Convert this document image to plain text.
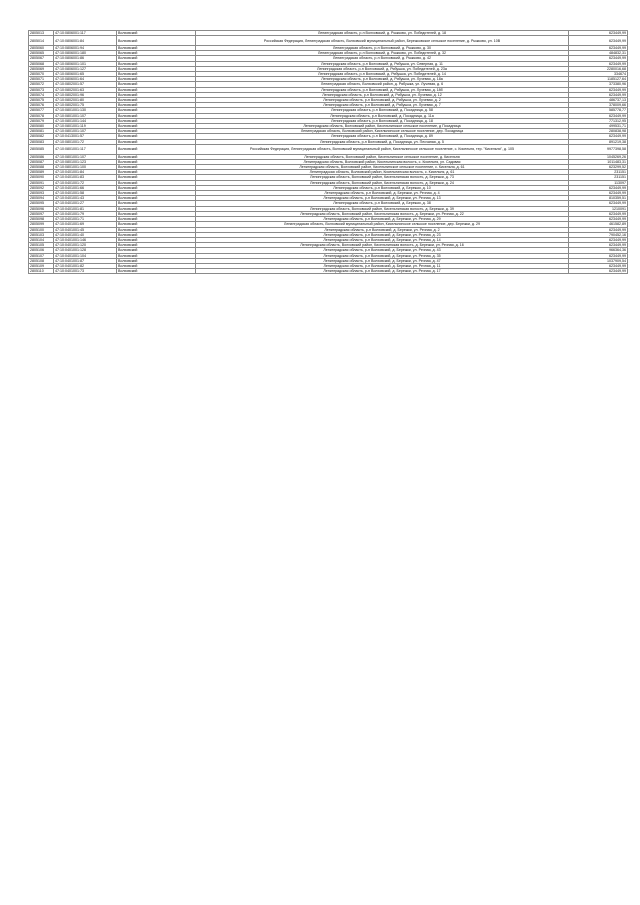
2805013	47:10:0806001:117	Волховский	Ленинградская область, р-н Волховский, д. Рыжково, ул. Победителей, д. 18	623449,99
2805014	47:10:0806001:84	Волховский	Российская Федерация, Ленинградская область, Волховский муниципальный район, Бережковское сельское поселение, д. Рыжково, ул. 10В	623449,99
2805060	47:10:0806001:94	Волховский	Ленинградская область, р-н Волховский, д. Рыжково, д. 30	623449,99
2805065	47:10:0806001:180	Волховский	Ленинградская область, р-н Волховский, д. Рыжково, ул. Победителей, д. 32	484832,31
2805067	47:10:0806001:86	Волховский	Ленинградская область, р-н Волховский, д. Рыжково, д. 42	623449,99
2805068	47:10:0806001:101	Волховский	Ленинградская область, р-н Волховский, д. Рябушка, ул. Северная, д. 11	623449,99
2805069	47:10:0806001:127	Волховский	Ленинградская область, р-н Волховский, д. Рябушка, ул. Победителей, д. 23а	2280016,68
2805070	47:10:0806001:65	Волховский	Ленинградская область, р-н Волховский, д. Рябушка, ул. Победителей, д. 14	334674
2805071	47:10:0806001:64	Волховский	Ленинградская область, р-н Волховский, д. Рябушка, ул. Лучевая, д. 18а	1185127,64
2805072	47:10:0802001:57	Волховский	Ленинградская область, Волховский район, д. Рябушка, ул. Лучевая, д. 6	373380,96
2805073	47:10:0802001:63	Волховский	Ленинградская область, р-н Волховский, д. Рябушка, ул. Лучевая, д. 18б	623449,99
2805074	47:10:0802001:96	Волховский	Ленинградская область, р-н Волховский, д. Рябушка, ул. Лучевая, д. 12	623449,99
2805075	47:10:0802001:80	Волховский	Ленинградская область, р-н Волховский, д. Рябушка, ул. Лучевая, д. 2	486737,13
2805076	47:10:0802001:75	Волховский	Ленинградская область, р-н Волховский, д. Рябушка, ул. Лучевая, д. 7	378009,66
2805077	47:10:0801001:130	Волховский	Ленинградская область, р-н Волховский, д. Посадница, д. 58	585778,77
2805078	47:10:0801001:107	Волховский	Ленинградская область, р-н Волховский, д. Посадница, д. 11а	623449,99
2805079	47:10:0801001:144	Волховский	Ленинградская область, р-н Волховский, д. Посадница, д. 18	771312,95
2805080	47:10:0801001:119	Волховский	Ленинградская область, Волховский район, Кисельнинское сельское поселение, д Посадница	499531,71
2805081	47:10:0801001:107	Волховский	Ленинградская область, Волховский район, Кисельнинское сельское поселение, дер. Посадница	280838,98
2805082	47:10:0413001:57	Волховский	Ленинградская область, р-н Волховский, д. Посадница, д. 89	623449,99
2805083	47:10:0801001:72	Волховский	Ленинградская область, р-н Волховский, д. Посадница, ул. Песчаная, д. 5	891219,38
2805085	47:10:0801001:117	Волховский	Российская Федерация, Ленинградская область, Волховский муниципальный район, Кисельнинское сельское поселение, с. Кисельня, тер. "Кисельня", д. 105	9977398,58
2805086	47:10:0801001:107	Волховский	Ленинградская область, Волховский район, Кисельнинское сельское поселение, д. Кисельня	1045269,26
2805087	47:10:0801001:123	Волховский	Ленинградская область, Волховский район, Кисельнинская волость, с. Кисельня, ул. Садовая	1011483,31
2805088	47:10:0801001:100	Волховский	Ленинградская область, Волховский район, Кисельнинское сельское поселение, с. Кисельня, д. 61	623299,52
2805089	47:10:0401001:84	Волховский	Ленинградская область, Волховский район, Кисельнинская волость, с. Кисельня, д. 61	231151
2805090	47:10:0401001:83	Волховский	Ленинградская область, Волховский район, Кисельнинская волость, д. Бережки, д. 73	231151
2805091	47:10:0401001:72	Волховский	Ленинградская область, Волховский район, Кисельнинская волость, д. Бережки, д. 24	113097
2805092	47:10:0401001:66	Волховский	Ленинградская область, р-н Волховский, д. Бережки, д. 10	623449,99
2805093	47:10:0401001:58	Волховский	Ленинградская область, р-н Волховский, д. Бережки, ул. Речная, д. 4	623449,99
2805094	47:10:0401001:43	Волховский	Ленинградская область, р-н Волховский, д. Бережки, ул. Речная, д. 13	810359,51
2805095	47:10:0401001:27	Волховский	Ленинградская область, р-н Волховский, д. Бережки, д. 38	623449,99
2805096	47:10:0401001:81	Волховский	Ленинградская область, Волховский район, Кисельнинская волость, д. Бережки, д. 39	1210091
2805097	47:10:0401001:79	Волховский	Ленинградская область, Волховский район, Кисельнинская волость, д. Бережки, ул. Речная, д. 22	623449,99
2805098	47:10:0401001:71	Волховский	Ленинградская область, р-н Волховский, д. Бережки, ул. Речная, д. 29	623449,99
2805099	47:10:0401001:69	Волховский	Ленинградская область, Волховский муниципальный район, Кисельнинское сельское поселение, дер. Бережки, д. 29	461582,89
2805100	47:10:0401001:45	Волховский	Ленинградская область, р-н Волховский, д. Бережки, ул. Речная, д. 2	623449,99
2805103	47:10:0401001:40	Волховский	Ленинградская область, р-н Волховский, д. Бережки, ул. Речная, д. 23	790452,16
2805104	47:10:0401001:146	Волховский	Ленинградская область, р-н Волховский, д. Бережки, ул. Речная, д. 14	623449,99
2805105	47:10:0401001:120	Волховский	Ленинградская область, Волховский район, Кисельнинская волость, д. Бережки, ул. Речная, д. 16	623449,99
2805106	47:10:0401001:128	Волховский	Ленинградская область, р-н Волховский, д. Бережки, ул. Речная, д. 43	966364,36
2805107	47:10:0401001:104	Волховский	Ленинградская область, р-н Волховский, д. Бережки, ул. Речная, д. 35	623449,99
2805108	47:10:0401001:87	Волховский	Ленинградская область, р-н Волховский, д. Бережки, ул. Речная, д. 47	1037909,54
2805109	47:10:0401001:82	Волховский	Ленинградская область, р-н Волховский, д. Бережки, ул. Речная, д. 11	623449,99
2805110	47:10:0401001:73	Волховский	Ленинградская область, р-н Волховский, д. Бережки, ул. Речная, д. 17	623449,99
